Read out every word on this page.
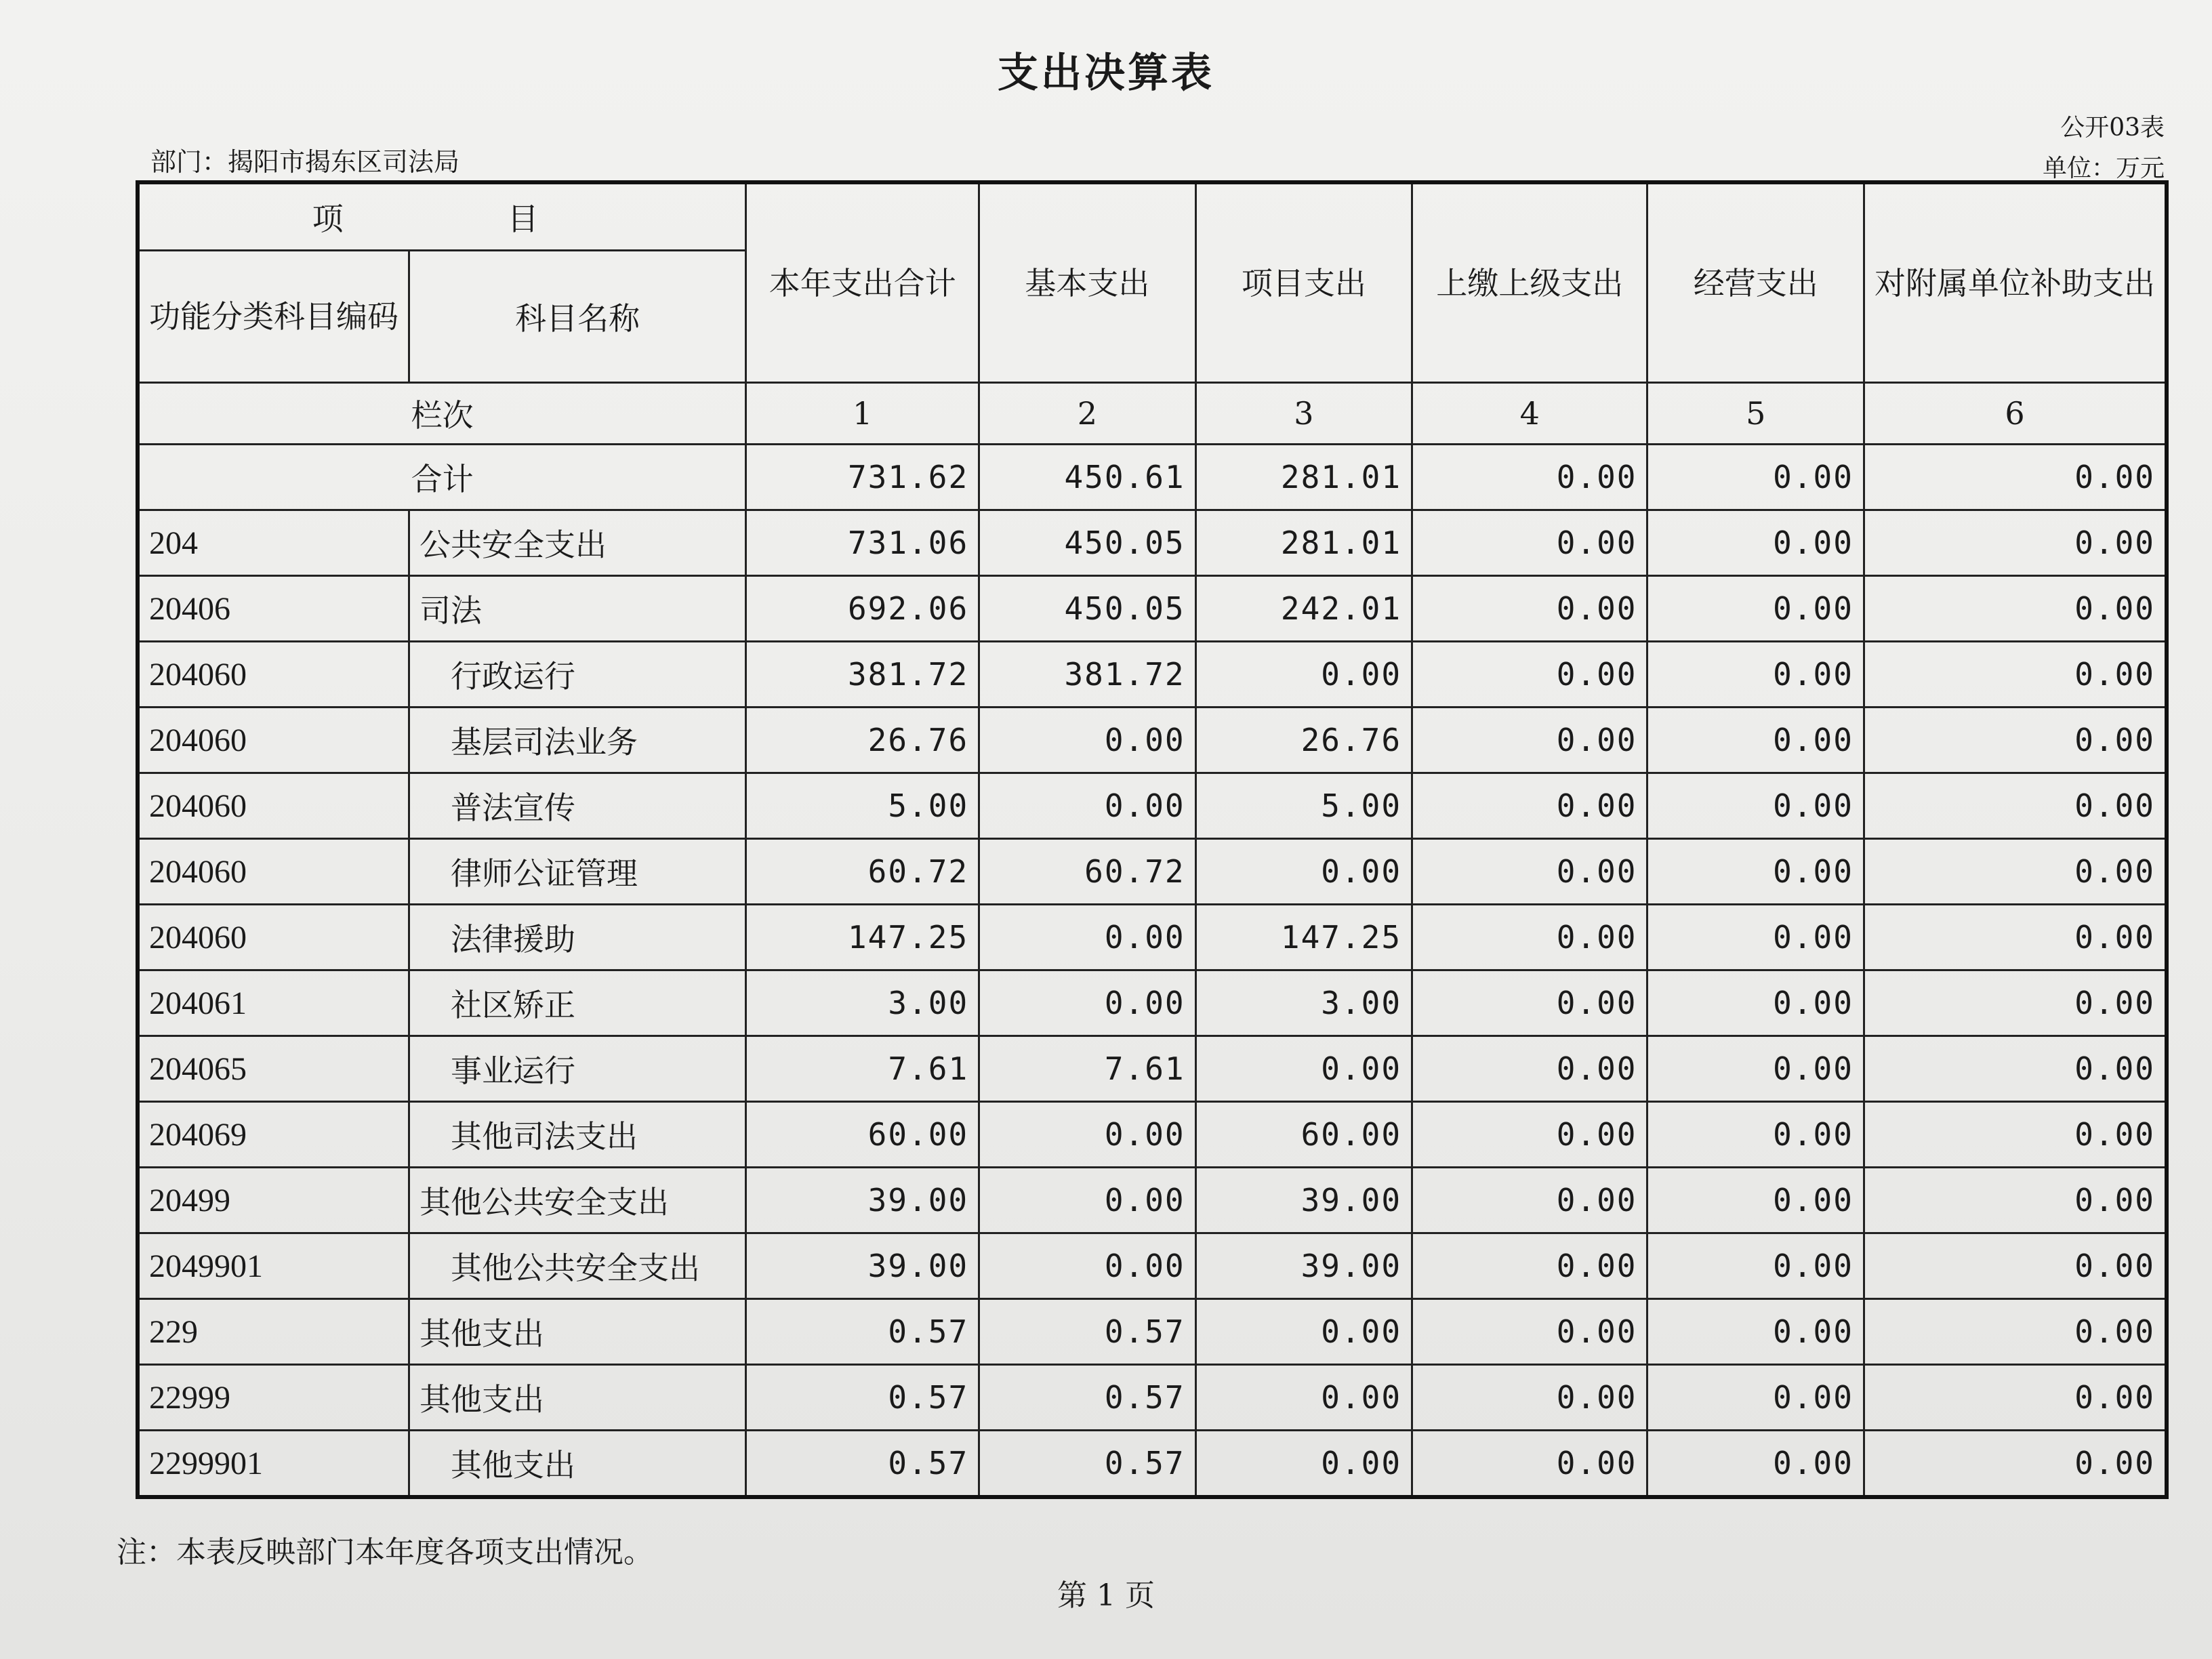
支出决算表
公开03表
单位：万元
部门：揭阳市揭东区司法局
项　　目		本年支出合计	基本支出	项目支出	上缴上级支出	经营支出	对附属单位补助支出
功能分类科目编码	科目名称						
栏次		1	2	3	4	5	6
合计		731.62	450.61	281.01	0.00	0.00	0.00
204	公共安全支出	731.06	450.05	281.01	0.00	0.00	0.00
20406	司法	692.06	450.05	242.01	0.00	0.00	0.00
204060	　行政运行	381.72	381.72	0.00	0.00	0.00	0.00
204060	　基层司法业务	26.76	0.00	26.76	0.00	0.00	0.00
204060	　普法宣传	5.00	0.00	5.00	0.00	0.00	0.00
204060	　律师公证管理	60.72	60.72	0.00	0.00	0.00	0.00
204060	　法律援助	147.25	0.00	147.25	0.00	0.00	0.00
204061	　社区矫正	3.00	0.00	3.00	0.00	0.00	0.00
204065	　事业运行	7.61	7.61	0.00	0.00	0.00	0.00
204069	　其他司法支出	60.00	0.00	60.00	0.00	0.00	0.00
20499	其他公共安全支出	39.00	0.00	39.00	0.00	0.00	0.00
2049901	　其他公共安全支出	39.00	0.00	39.00	0.00	0.00	0.00
229	其他支出	0.57	0.57	0.00	0.00	0.00	0.00
22999	其他支出	0.57	0.57	0.00	0.00	0.00	0.00
2299901	　其他支出	0.57	0.57	0.00	0.00	0.00	0.00
注：本表反映部门本年度各项支出情况。
第 1 页
